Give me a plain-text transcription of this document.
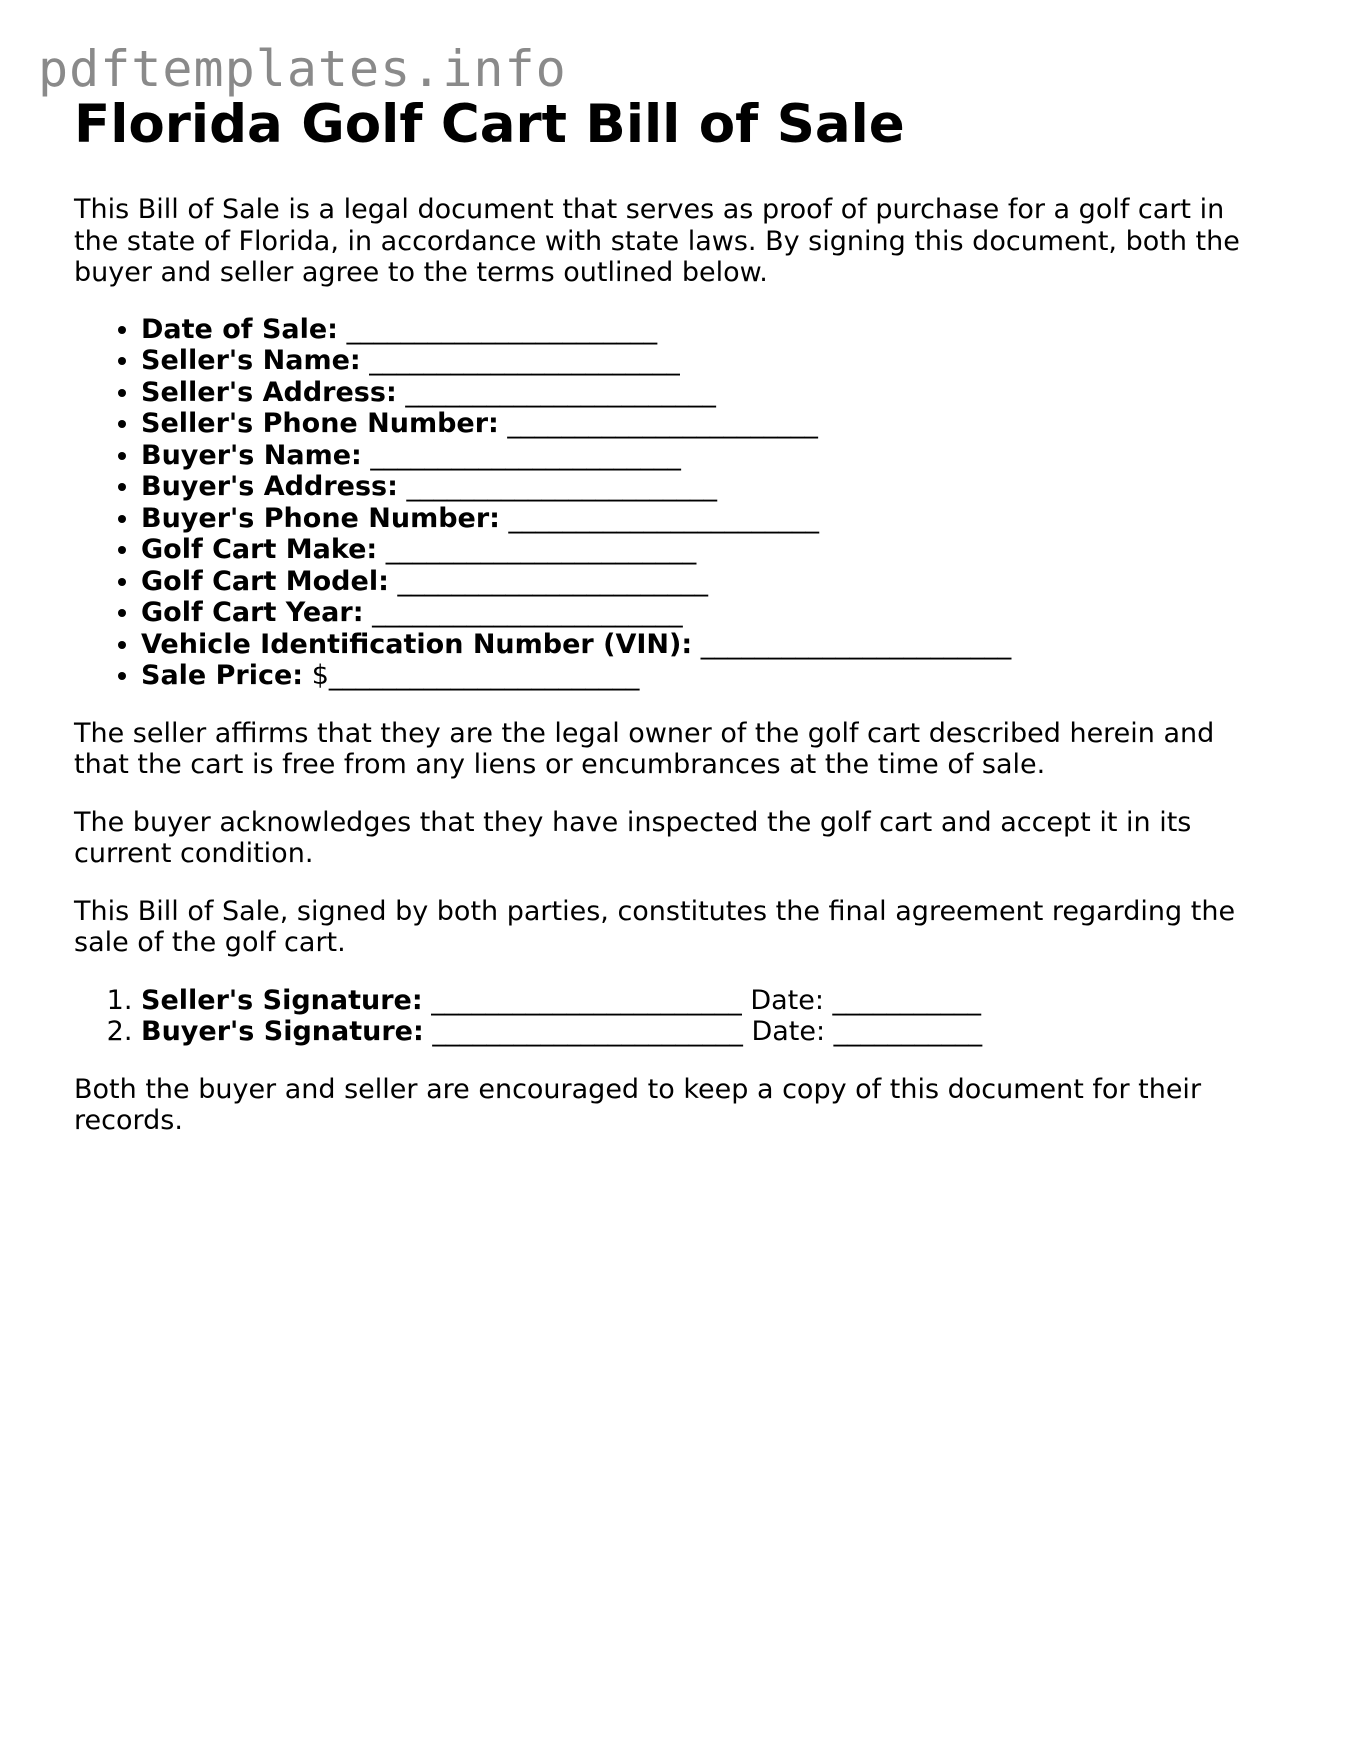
pdftemplates.info
Florida Golf Cart Bill of Sale

This Bill of Sale is a legal document that serves as proof of purchase for a golf cart in the state of Florida, in accordance with state laws. By signing this document, both the buyer and seller agree to the terms outlined below.

• Date of Sale: _______________________
• Seller's Name: _______________________
• Seller's Address: _______________________
• Seller's Phone Number: _______________________
• Buyer's Name: _______________________
• Buyer's Address: _______________________
• Buyer's Phone Number: _______________________
• Golf Cart Make: _______________________
• Golf Cart Model: _______________________
• Golf Cart Year: _______________________
• Vehicle Identification Number (VIN): _______________________
• Sale Price: $_______________________

The seller affirms that they are the legal owner of the golf cart described herein and that the cart is free from any liens or encumbrances at the time of sale.

The buyer acknowledges that they have inspected the golf cart and accept it in its current condition.

This Bill of Sale, signed by both parties, constitutes the final agreement regarding the sale of the golf cart.

1. Seller's Signature: _______________________ Date: ___________
2. Buyer's Signature: _______________________ Date: ___________

Both the buyer and seller are encouraged to keep a copy of this document for their records.
